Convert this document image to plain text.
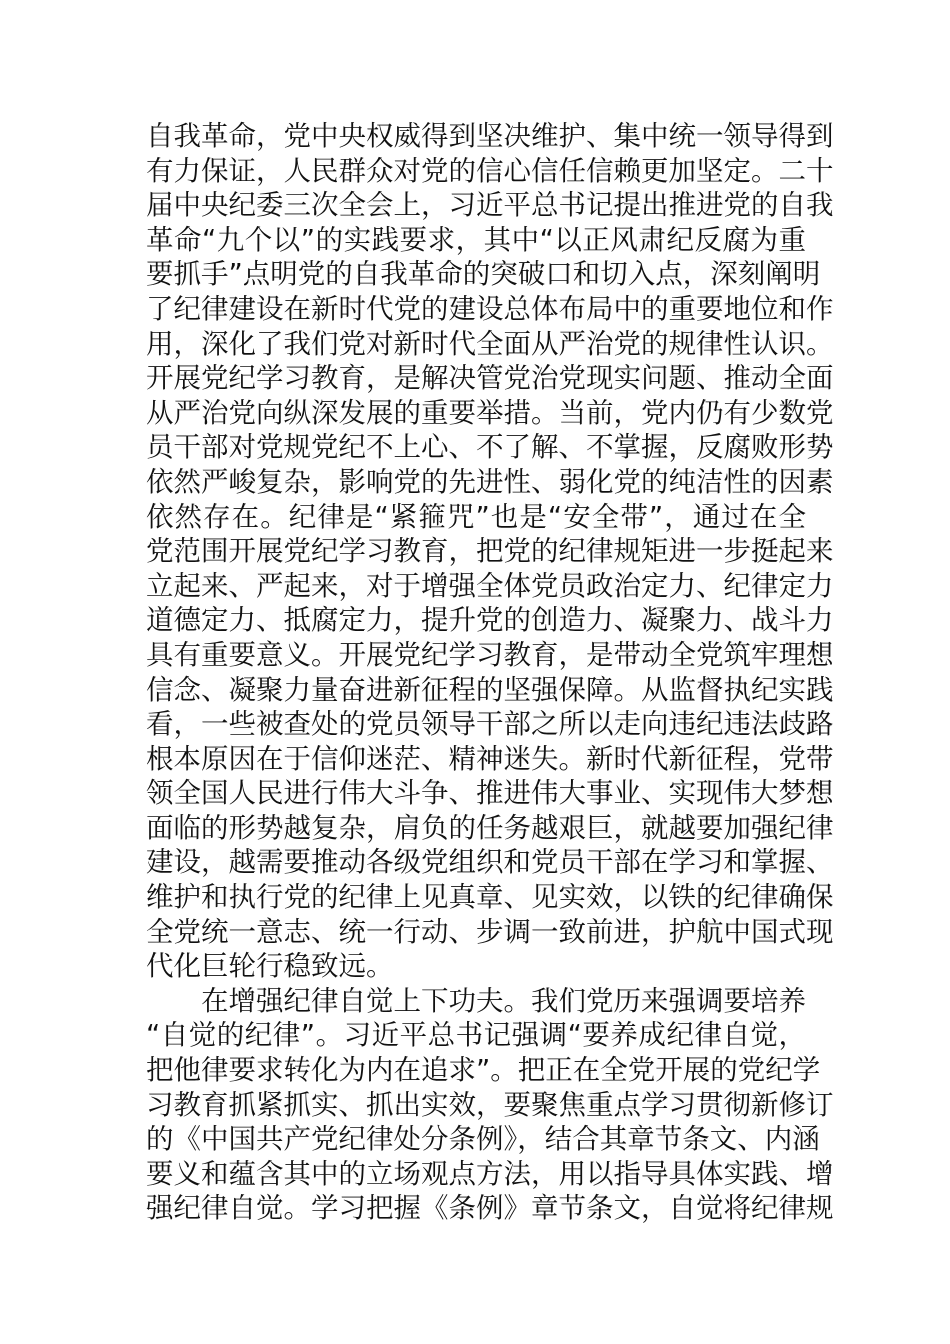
自我革命，党中央权威得到坚决维护、集中统一领导得到
有力保证，人民群众对党的信心信任信赖更加坚定。二十
届中央纪委三次全会上，习近平总书记提出推进党的自我
革命“九个以”的实践要求，其中“以正风肃纪反腐为重
要抓手”点明党的自我革命的突破口和切入点，深刻阐明
了纪律建设在新时代党的建设总体布局中的重要地位和作
用，深化了我们党对新时代全面从严治党的规律性认识。
开展党纪学习教育，是解决管党治党现实问题、推动全面
从严治党向纵深发展的重要举措。当前，党内仍有少数党
员干部对党规党纪不上心、不了解、不掌握，反腐败形势
依然严峻复杂，影响党的先进性、弱化党的纯洁性的因素
依然存在。纪律是“紧箍咒”也是“安全带”，通过在全
党范围开展党纪学习教育，把党的纪律规矩进一步挺起来
立起来、严起来，对于增强全体党员政治定力、纪律定力
道德定力、抵腐定力，提升党的创造力、凝聚力、战斗力
具有重要意义。开展党纪学习教育，是带动全党筑牢理想
信念、凝聚力量奋进新征程的坚强保障。从监督执纪实践
看，一些被查处的党员领导干部之所以走向违纪违法歧路
根本原因在于信仰迷茫、精神迷失。新时代新征程，党带
领全国人民进行伟大斗争、推进伟大事业、实现伟大梦想
面临的形势越复杂，肩负的任务越艰巨，就越要加强纪律
建设，越需要推动各级党组织和党员干部在学习和掌握、
维护和执行党的纪律上见真章、见实效，以铁的纪律确保
全党统一意志、统一行动、步调一致前进，护航中国式现
代化巨轮行稳致远。
在增强纪律自觉上下功夫。我们党历来强调要培养
“自觉的纪律”。习近平总书记强调“要养成纪律自觉，
把他律要求转化为内在追求”。把正在全党开展的党纪学
习教育抓紧抓实、抓出实效，要聚焦重点学习贯彻新修订
的《中国共产党纪律处分条例》，结合其章节条文、内涵
要义和蕴含其中的立场观点方法，用以指导具体实践、增
强纪律自觉。学习把握《条例》章节条文，自觉将纪律规
